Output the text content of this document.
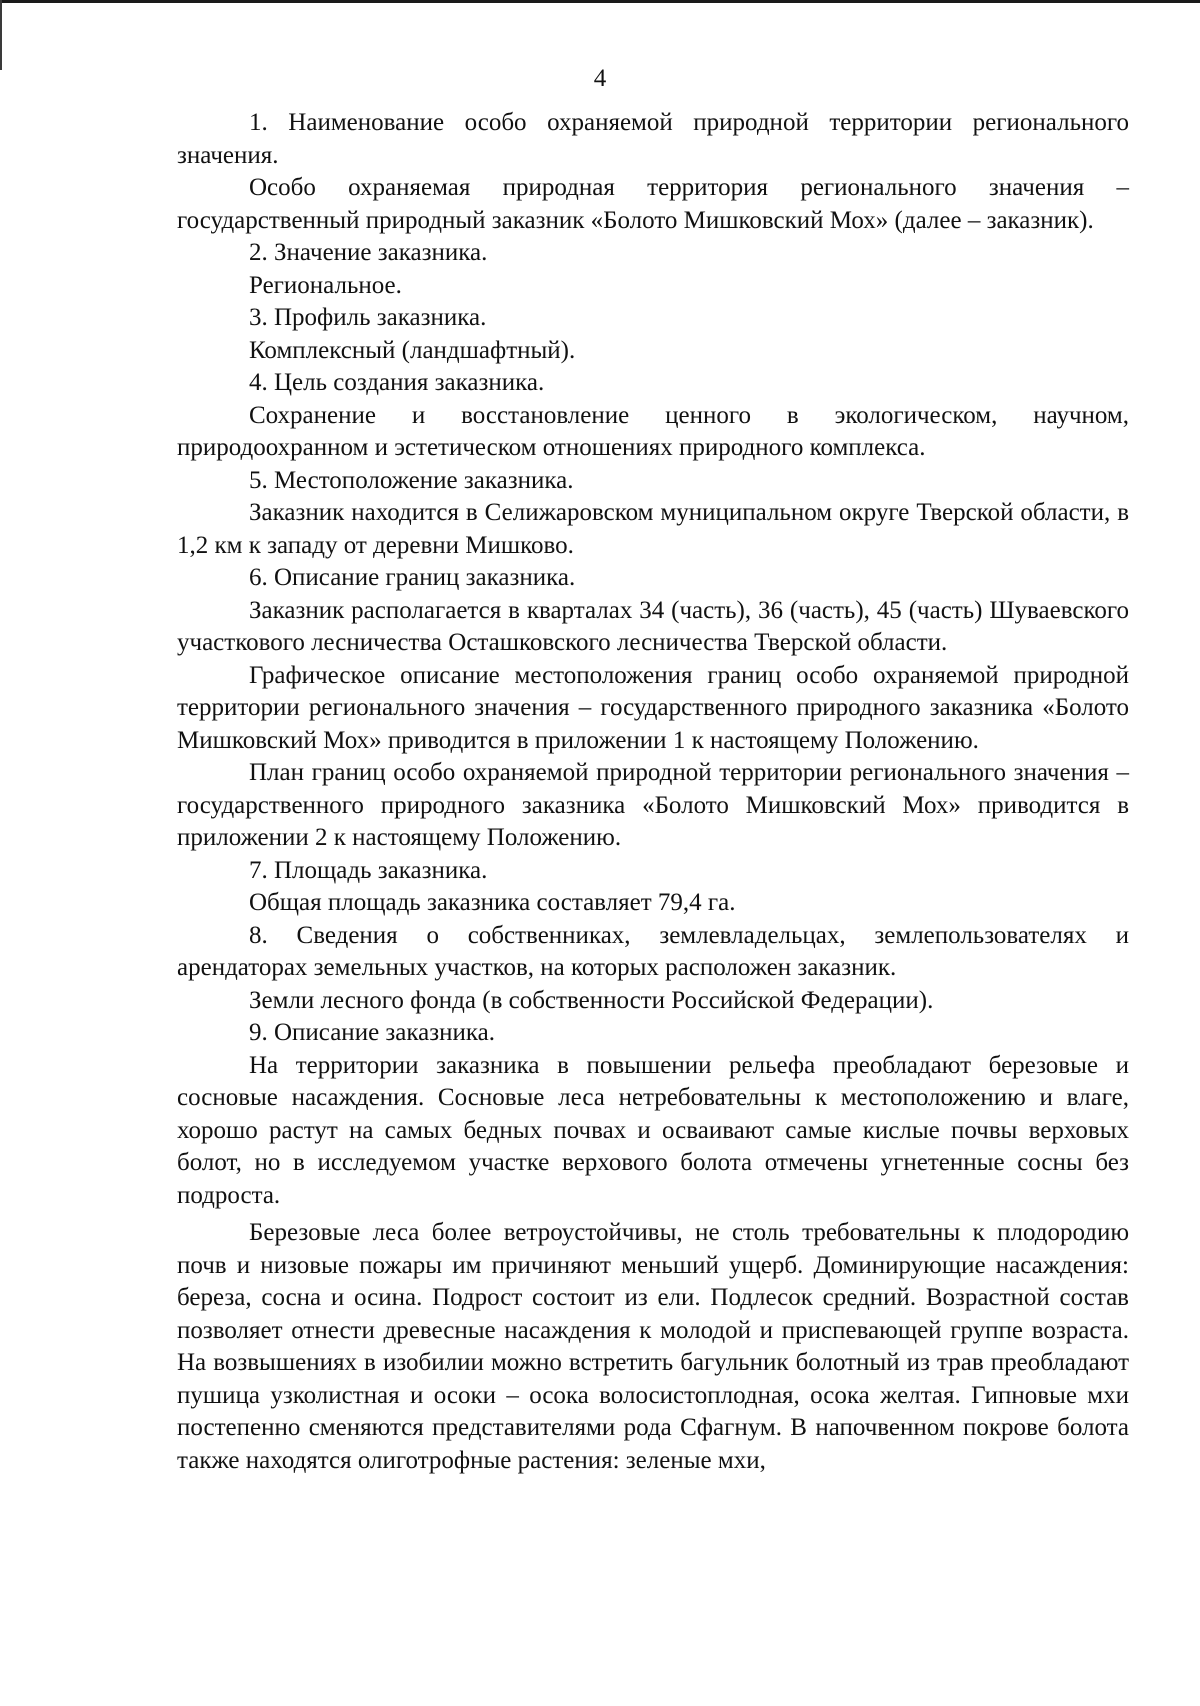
4

1. Наименование особо охраняемой природной территории регионального значения.

Особо охраняемая природная территория регионального значения – государственный природный заказник «Болото Мишковский Мох» (далее – заказник).

2. Значение заказника.

Региональное.

3. Профиль заказника.

Комплексный (ландшафтный).

4. Цель создания заказника.

Сохранение и восстановление ценного в экологическом, научном, природоохранном и эстетическом отношениях природного комплекса.

5. Местоположение заказника.

Заказник находится в Селижаровском муниципальном округе Тверской области, в 1,2 км к западу от деревни Мишково.

6. Описание границ заказника.

Заказник располагается в кварталах 34 (часть), 36 (часть), 45 (часть) Шуваевского участкового лесничества Осташковского лесничества Тверской области.

Графическое описание местоположения границ особо охраняемой природной территории регионального значения – государственного природного заказника «Болото Мишковский Мох» приводится в приложении 1 к настоящему Положению.

План границ особо охраняемой природной территории регионального значения – государственного природного заказника «Болото Мишковский Мох» приводится в приложении 2 к настоящему Положению.

7. Площадь заказника.

Общая площадь заказника составляет 79,4 га.

8. Сведения о собственниках, землевладельцах, землепользователях и арендаторах земельных участков, на которых расположен заказник.

Земли лесного фонда (в собственности Российской Федерации).

9. Описание заказника.

На территории заказника в повышении рельефа преобладают березовые и сосновые насаждения. Сосновые леса нетребовательны к местоположению и влаге, хорошо растут на самых бедных почвах и осваивают самые кислые почвы верховых болот, но в исследуемом участке верхового болота отмечены угнетенные сосны без подроста.

Березовые леса более ветроустойчивы, не столь требовательны к плодородию почв и низовые пожары им причиняют меньший ущерб. Доминирующие насаждения: береза, сосна и осина. Подрост состоит из ели. Подлесок средний. Возрастной состав позволяет отнести древесные насаждения к молодой и приспевающей группе возраста. На возвышениях в изобилии можно встретить багульник болотный из трав преобладают пушица узколистная и осоки – осока волосистоплодная, осока желтая. Гипновые мхи постепенно сменяются представителями рода Сфагнум. В напочвенном покрове болота также находятся олиготрофные растения: зеленые мхи,
